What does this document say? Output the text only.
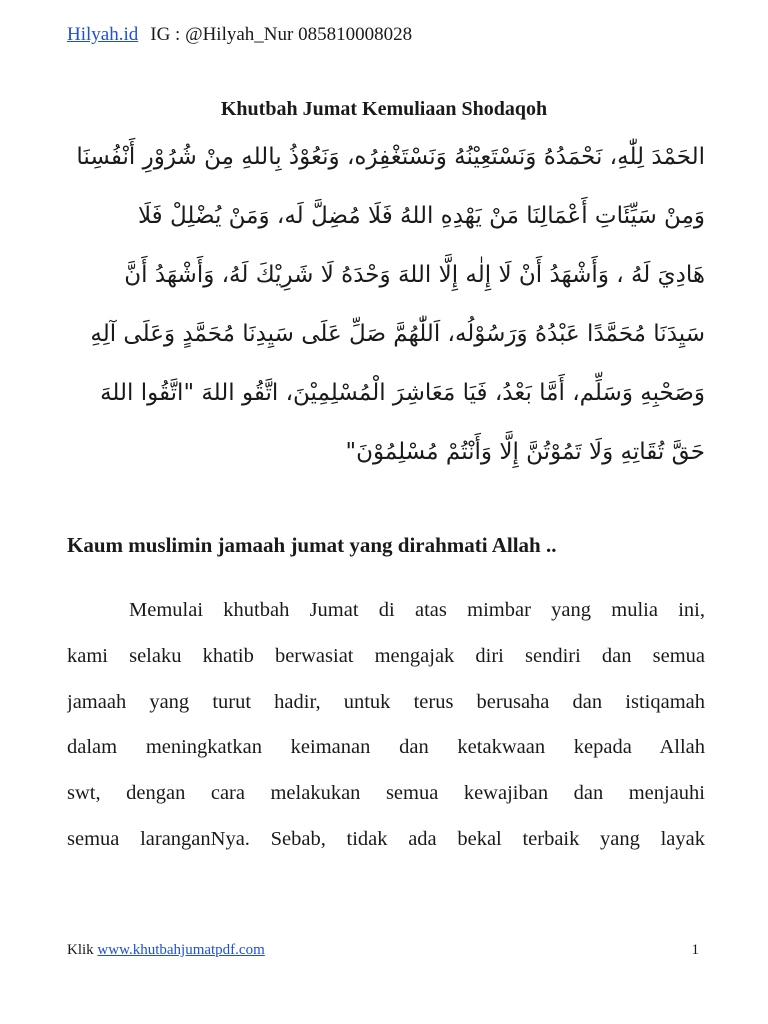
Hilyah.id IG : @Hilyah_Nur 085810008028
Khutbah Jumat Kemuliaan Shodaqoh
الحَمْدَ لِلّٰهِ، نَحْمَدُهُ وَنَسْتَعِيْنُهُ وَنَسْتَغْفِرُه، وَنَعُوْذُ بِاللهِ مِنْ شُرُوْرِ أَنْفُسِنَا
وَمِنْ سَيِّئَاتِ أَعْمَالِنَا مَنْ يَهْدِهِ اللهُ فَلَا مُضِلَّ لَه، وَمَنْ يُضْلِلْ فَلَا
هَادِيَ لَهُ ، وَأَشْهَدُ أَنْ لَا إِلٰه إِلَّا اللهَ وَحْدَهُ لَا شَرِيْكَ لَهُ، وَأَشْهَدُ أَنَّ
سَيِدَنَا مُحَمَّدًا عَبْدُهُ وَرَسُوْلُه، اَللّٰهُمَّ صَلِّ عَلَى سَيِدِنَا مُحَمَّدٍ وَعَلَى آلِهِ
وَصَحْبِهِ وَسَلِّم، أَمَّا بَعْدُ، فَيَا مَعَاشِرَ الْمُسْلِمِيْنَ، اتَّقُو اللهَ "اتَّقُوا اللهَ
حَقَّ تُقَاتِهِ وَلَا تَمُوْتُنَّ إِلَّا وَأَنْتُمْ مُسْلِمُوْنَ"
Kaum muslimin jamaah jumat yang dirahmati Allah ..
Memulai khutbah Jumat di atas mimbar yang mulia ini,
kami selaku khatib berwasiat mengajak diri sendiri dan semua
jamaah yang turut hadir, untuk terus berusaha dan istiqamah
dalam meningkatkan keimanan dan ketakwaan kepada Allah
swt, dengan cara melakukan semua kewajiban dan menjauhi
semua laranganNya. Sebab, tidak ada bekal terbaik yang layak
Klik www.khutbahjumatpdf.com	1
